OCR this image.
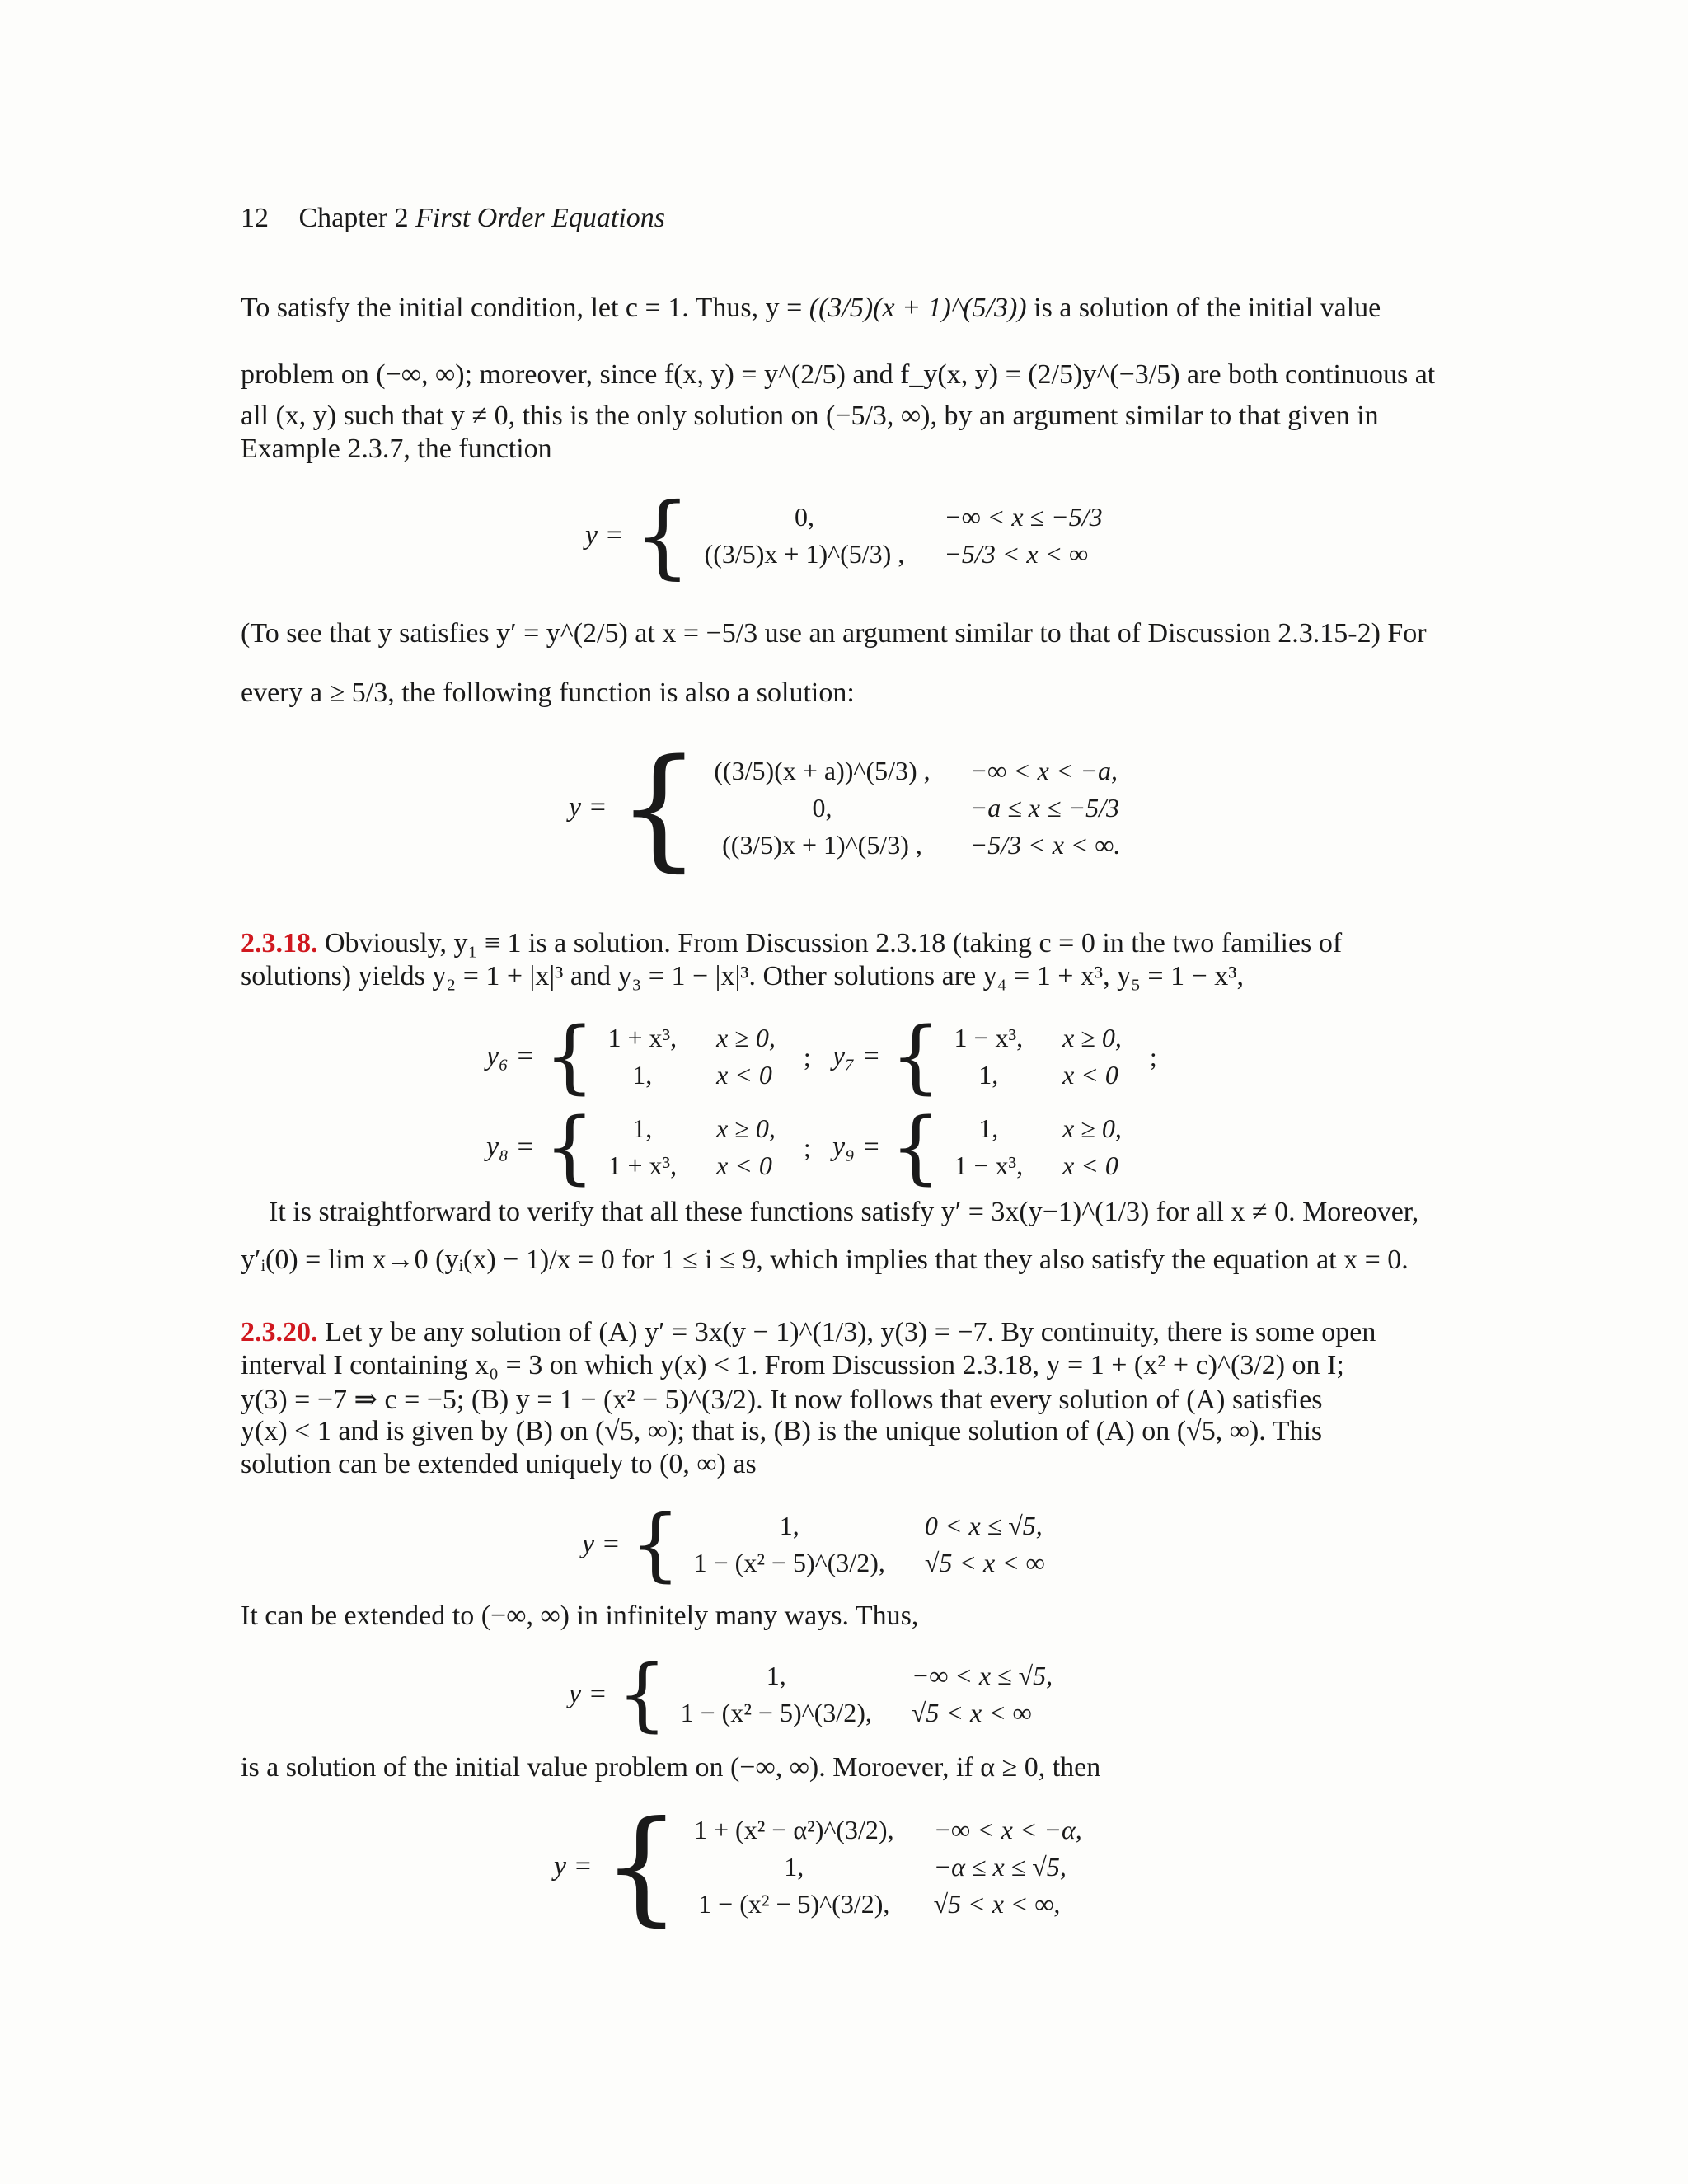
12 Chapter 2 First Order Equations
To satisfy the initial condition, let c = 1. Thus, y = ((3/5)(x + 1)^(5/3)) is a solution of the initial value
problem on (−∞, ∞); moreover, since f(x, y) = y^(2/5) and f_y(x, y) = (2/5)y^(−3/5) are both continuous at
all (x, y) such that y ≠ 0, this is the only solution on (−5/3, ∞), by an argument similar to that given in
Example 2.3.7, the function
y = {	0,	−∞ < x ≤ −5/3
((3/5)x + 1)^(5/3) ,	−5/3 < x < ∞
(To see that y satisfies y′ = y^(2/5) at x = −5/3 use an argument similar to that of Discussion 2.3.15-2) For
every a ≥ 5/3, the following function is also a solution:
y = { ((3/5)(x + a))^(5/3) ,	−∞ < x < −a,
0,	−a ≤ x ≤ −5/3
((3/5)x + 1)^(5/3) ,	−5/3 < x < ∞.
2.3.18. Obviously, y₁ ≡ 1 is a solution. From Discussion 2.3.18 (taking c = 0 in the two families of
solutions) yields y₂ = 1 + |x|³ and y₃ = 1 − |x|³. Other solutions are y₄ = 1 + x³, y₅ = 1 − x³,
y₆ = { 1 + x³,	x ≥ 0,
1,	x < 0
; y₇ = { 1 − x³,	x ≥ 0,
1,	x < 0
;
y₈ = { 1,	x ≥ 0,
1 + x³,	x < 0
; y₉ = { 1,	x ≥ 0,
1 − x³,	x < 0
It is straightforward to verify that all these functions satisfy y′ = 3x(y−1)^(1/3) for all x ≠ 0. Moreover,
y′ᵢ(0) = lim x→0 (yᵢ(x) − 1)/x = 0 for 1 ≤ i ≤ 9, which implies that they also satisfy the equation at x = 0.
2.3.20. Let y be any solution of (A) y′ = 3x(y − 1)^(1/3), y(3) = −7. By continuity, there is some open
interval I containing x₀ = 3 on which y(x) < 1. From Discussion 2.3.18, y = 1 + (x² + c)^(3/2) on I;
y(3) = −7 ⇒ c = −5; (B) y = 1 − (x² − 5)^(3/2). It now follows that every solution of (A) satisfies
y(x) < 1 and is given by (B) on (√5, ∞); that is, (B) is the unique solution of (A) on (√5, ∞). This
solution can be extended uniquely to (0, ∞) as
y = {	1,	0 < x ≤ √5,
1 − (x² − 5)^(3/2),	√5 < x < ∞
It can be extended to (−∞, ∞) in infinitely many ways. Thus,
y = {	1,	−∞ < x ≤ √5,
1 − (x² − 5)^(3/2),	√5 < x < ∞
is a solution of the initial value problem on (−∞, ∞). Moroever, if α ≥ 0, then
y = { 1 + (x² − α²)^(3/2),	−∞ < x < −α,
1,	−α ≤ x ≤ √5,
1 − (x² − 5)^(3/2),	√5 < x < ∞,
